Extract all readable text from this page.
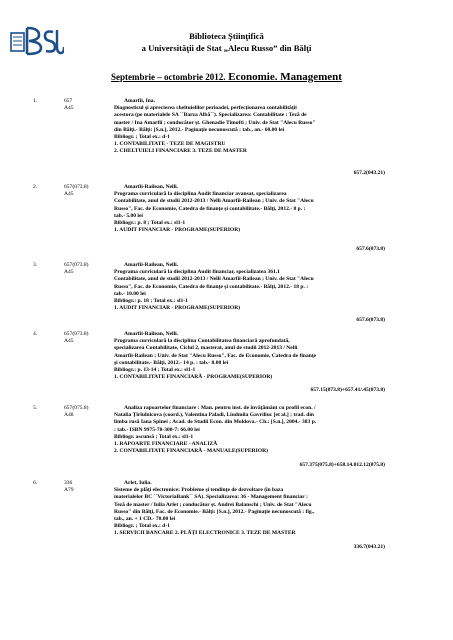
Biblioteca Ştiinţifică
a Universităţii de Stat „Alecu Russo” din Bălţi
Septembrie – octombrie 2012. Economie. Management
1.	657
A45
Amarfii, Ina.
Diagnosticul şi aprecierea cheltuielilor perioadei, perfecţionarea contabilităţii
acestora (pe materialele SA ``Barza Albă``). Specializarea: Contabilitate : Teză de
master / Ina Amarfii ; conducător şt. Ghenadie Timofti ; Univ. de Stat "Alecu Russo"
din Bălţi.- Bălţi: [S.n.], 2012.- Paginaţie necunoscută : tab., an.- 60.00 lei
Bibliogr. ; Total ex.: d-1
1. CONTABILITATE - TEZE DE MAGISTRU
2. CHELTUIELI FINANCIARE 3. TEZE DE MASTER
657.2(043.21)
2.	657(073.8)
A45
Amarfii-Railean, Nelli.
Programa curriculară la disciplina Audit financiar avansat, specializarea
Contabilitate, anul de studii 2012-2013 / Nelli Amarfii-Railean ; Univ. de Stat "Alecu
Russo", Fac. de Economie, Catedra de finanţe şi contabilitate.- Bălţi, 2012.- 8 p. :
tab.- 5.00 lei
Bibliogr.: p. 8 ; Total ex.: sl1-1
1. AUDIT FINANCIAR - PROGRAME(SUPERIOR)
657.6(073.8)
3.	657(073.8)
A45
Amarfii-Railean, Nelli.
Programa curriculară la disciplina Audit financiar, specializatea 361.1
Contabilitate, anul de studii 2012-2013 / Nelli Amarfii-Railean ; Univ. de Stat "Alecu
Russo", Fac. de Economie, Catedra de finanţe şi contabilitate.- Bălţi, 2012.- 18 p. :
tab.- 10.00 lei
Bibliogr.: p. 18 ; Total ex.: sl1-1
1. AUDIT FINANCIAR - PROGRAME(SUPERIOR)
657.6(073.8)
4.	657(073.8)
A45
Amarfii-Railean, Nelli.
Programa curriculară la disciplina Contabilitatea financiară aprofundată,
specializarea Contabilitate, Ciclul 2, masterat, anul de studii 2012-2013 / Nelli
Amarfii-Railean ; Univ. de Stat "Alecu Russo", Fac. de Economie, Catedra de finanţe
şi contabilitate.- Bălţi, 2012.- 14 p. : tab.- 8.00 lei
Bibliogr.: p. 13-14 ; Total ex.: sl1-1
1. CONTABILITATE FINANCIARĂ - PROGRAME(SUPERIOR)
657.15(073.8)+657.41/.45(073.8)
5.	657(075.8)
A48
Analiza rapoartelor financiare : Man. pentru inst. de învăţământ cu profil econ. /
Natalia Ţîrîulnicova (coord.), Valentina Paladi, Liudmila Gavriliuc [et al.] ; trad. din
limba rusă Iana Spinei ; Acad. de Studii Econ. din Moldova.- Ch.: [S.n.], 2004.- 383 p.
: tab.- ISBN 9975-78-300-7: 66.00 lei
Bibliogr. ascunsă ; Total ex.: sl1-1
1. RAPOARTE FINANCIARE - ANALIZĂ
2. CONTABILITATE FINANCIARĂ - MANUALE(SUPERIOR)
657.375(075.8)+658.14.012.12(075.8)
6.	336
A79
Arlet, Iulia.
Sisteme de plăţi electronice: Probleme şi tendinţe de dezvoltare (în baza
materialelor BC ``VictoriaBank`` SA). Specializarea: 36 - Management financiar :
Teză de master / Iulia Arlet ; conducător şt. Andrei Balanschi ; Univ. de Stat "Alecu
Russo" din Bălţi, Fac. de Economie.- Bălţi: [S.n.], 2012.- Paginaţie necunoscută : fig.,
tab., an. + 1 CD.- 70.00 lei
Bibliogr. ; Total ex.: d-1
1. SERVICII BANCARE 2. PLĂŢI ELECTRONICE 3. TEZE DE MASTER
336.7(043.21)
